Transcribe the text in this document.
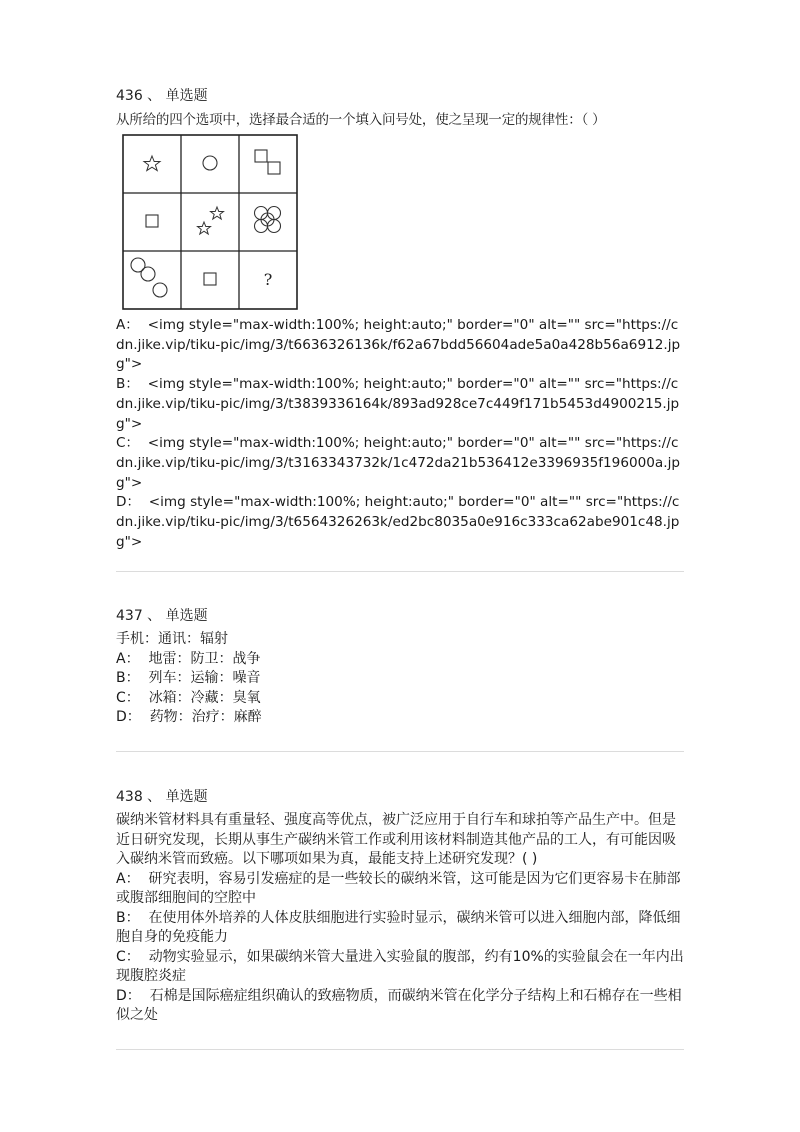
436 、 单选题

从所给的四个选项中，选择最合适的一个填入问号处，使之呈现一定的规律性：（ ）

?

A： <img style="max-width:100%; height:auto;" border="0" alt="" src="https://cdn.jike.vip/tiku-pic/img/3/t6636326136k/f62a67bdd56604ade5a0a428b56a6912.jpg">

B： <img style="max-width:100%; height:auto;" border="0" alt="" src="https://cdn.jike.vip/tiku-pic/img/3/t3839336164k/893ad928ce7c449f171b5453d4900215.jpg">

C： <img style="max-width:100%; height:auto;" border="0" alt="" src="https://cdn.jike.vip/tiku-pic/img/3/t3163343732k/1c472da21b536412e3396935f196000a.jpg">

D： <img style="max-width:100%; height:auto;" border="0" alt="" src="https://cdn.jike.vip/tiku-pic/img/3/t6564326263k/ed2bc8035a0e916c333ca62abe901c48.jpg">

437 、 单选题

手机：通讯：辐射

A： 地雷：防卫：战争

B： 列车：运输：噪音

C： 冰箱：冷藏：臭氧

D： 药物：治疗：麻醉

438 、 单选题

碳纳米管材料具有重量轻、强度高等优点，被广泛应用于自行车和球拍等产品生产中。但是近日研究发现，长期从事生产碳纳米管工作或利用该材料制造其他产品的工人，有可能因吸入碳纳米管而致癌。以下哪项如果为真，最能支持上述研究发现？( )

A： 研究表明，容易引发癌症的是一些较长的碳纳米管，这可能是因为它们更容易卡在肺部或腹部细胞间的空腔中

B： 在使用体外培养的人体皮肤细胞进行实验时显示，碳纳米管可以进入细胞内部，降低细胞自身的免疫能力

C： 动物实验显示，如果碳纳米管大量进入实验鼠的腹部，约有10%的实验鼠会在一年内出现腹腔炎症

D： 石棉是国际癌症组织确认的致癌物质，而碳纳米管在化学分子结构上和石棉存在一些相似之处
